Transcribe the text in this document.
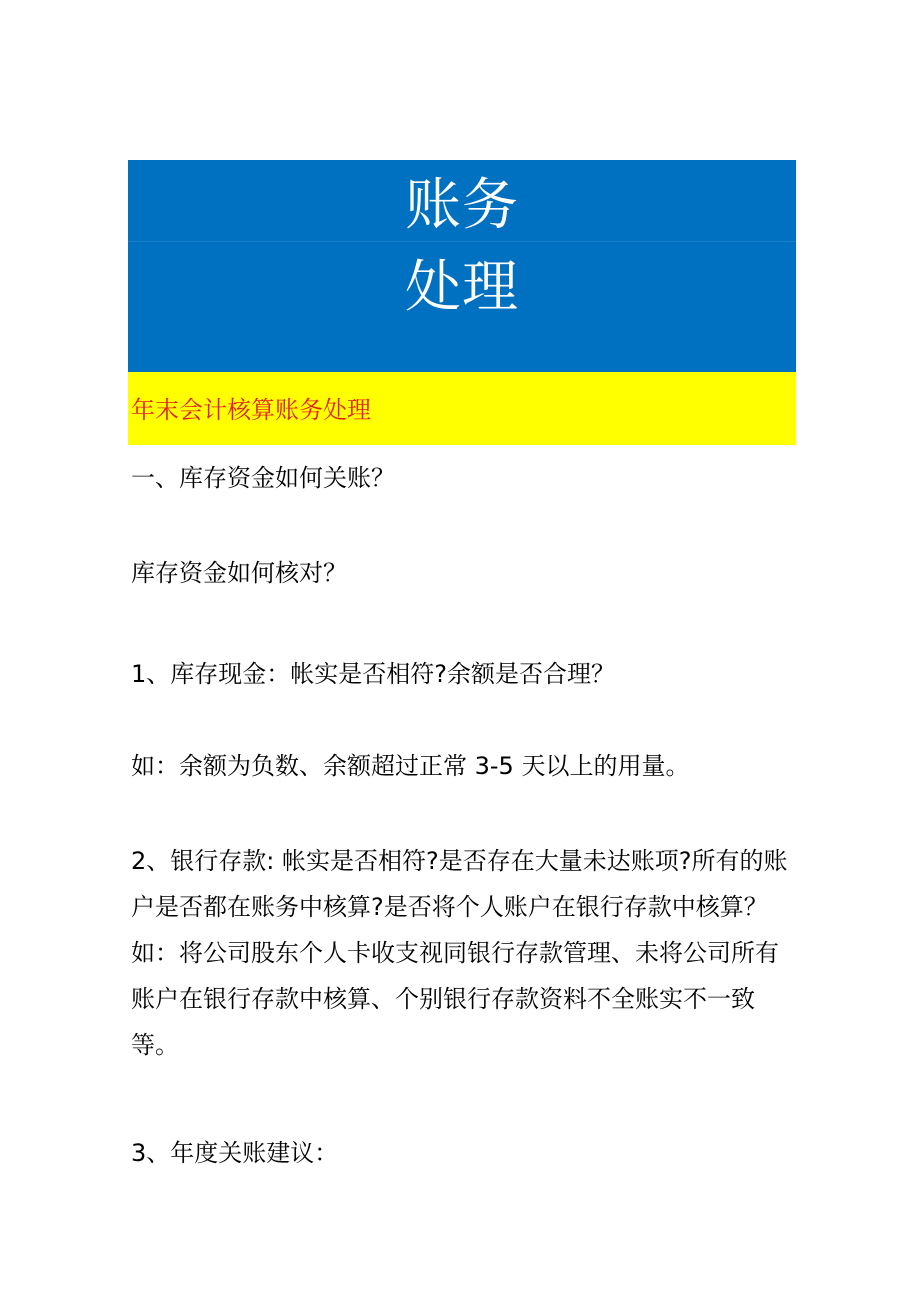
账务
处理
年末会计核算账务处理
一、库存资金如何关账？
库存资金如何核对？
1、库存现金：帐实是否相符?余额是否合理？
如：余额为负数、余额超过正常 3-5 天以上的用量。
2、银行存款: 帐实是否相符?是否存在大量未达账项?所有的账户是否都在账务中核算?是否将个人账户在银行存款中核算？如：将公司股东个人卡收支视同银行存款管理、未将公司所有账户在银行存款中核算、个别银行存款资料不全账实不一致等。
3、年度关账建议：
